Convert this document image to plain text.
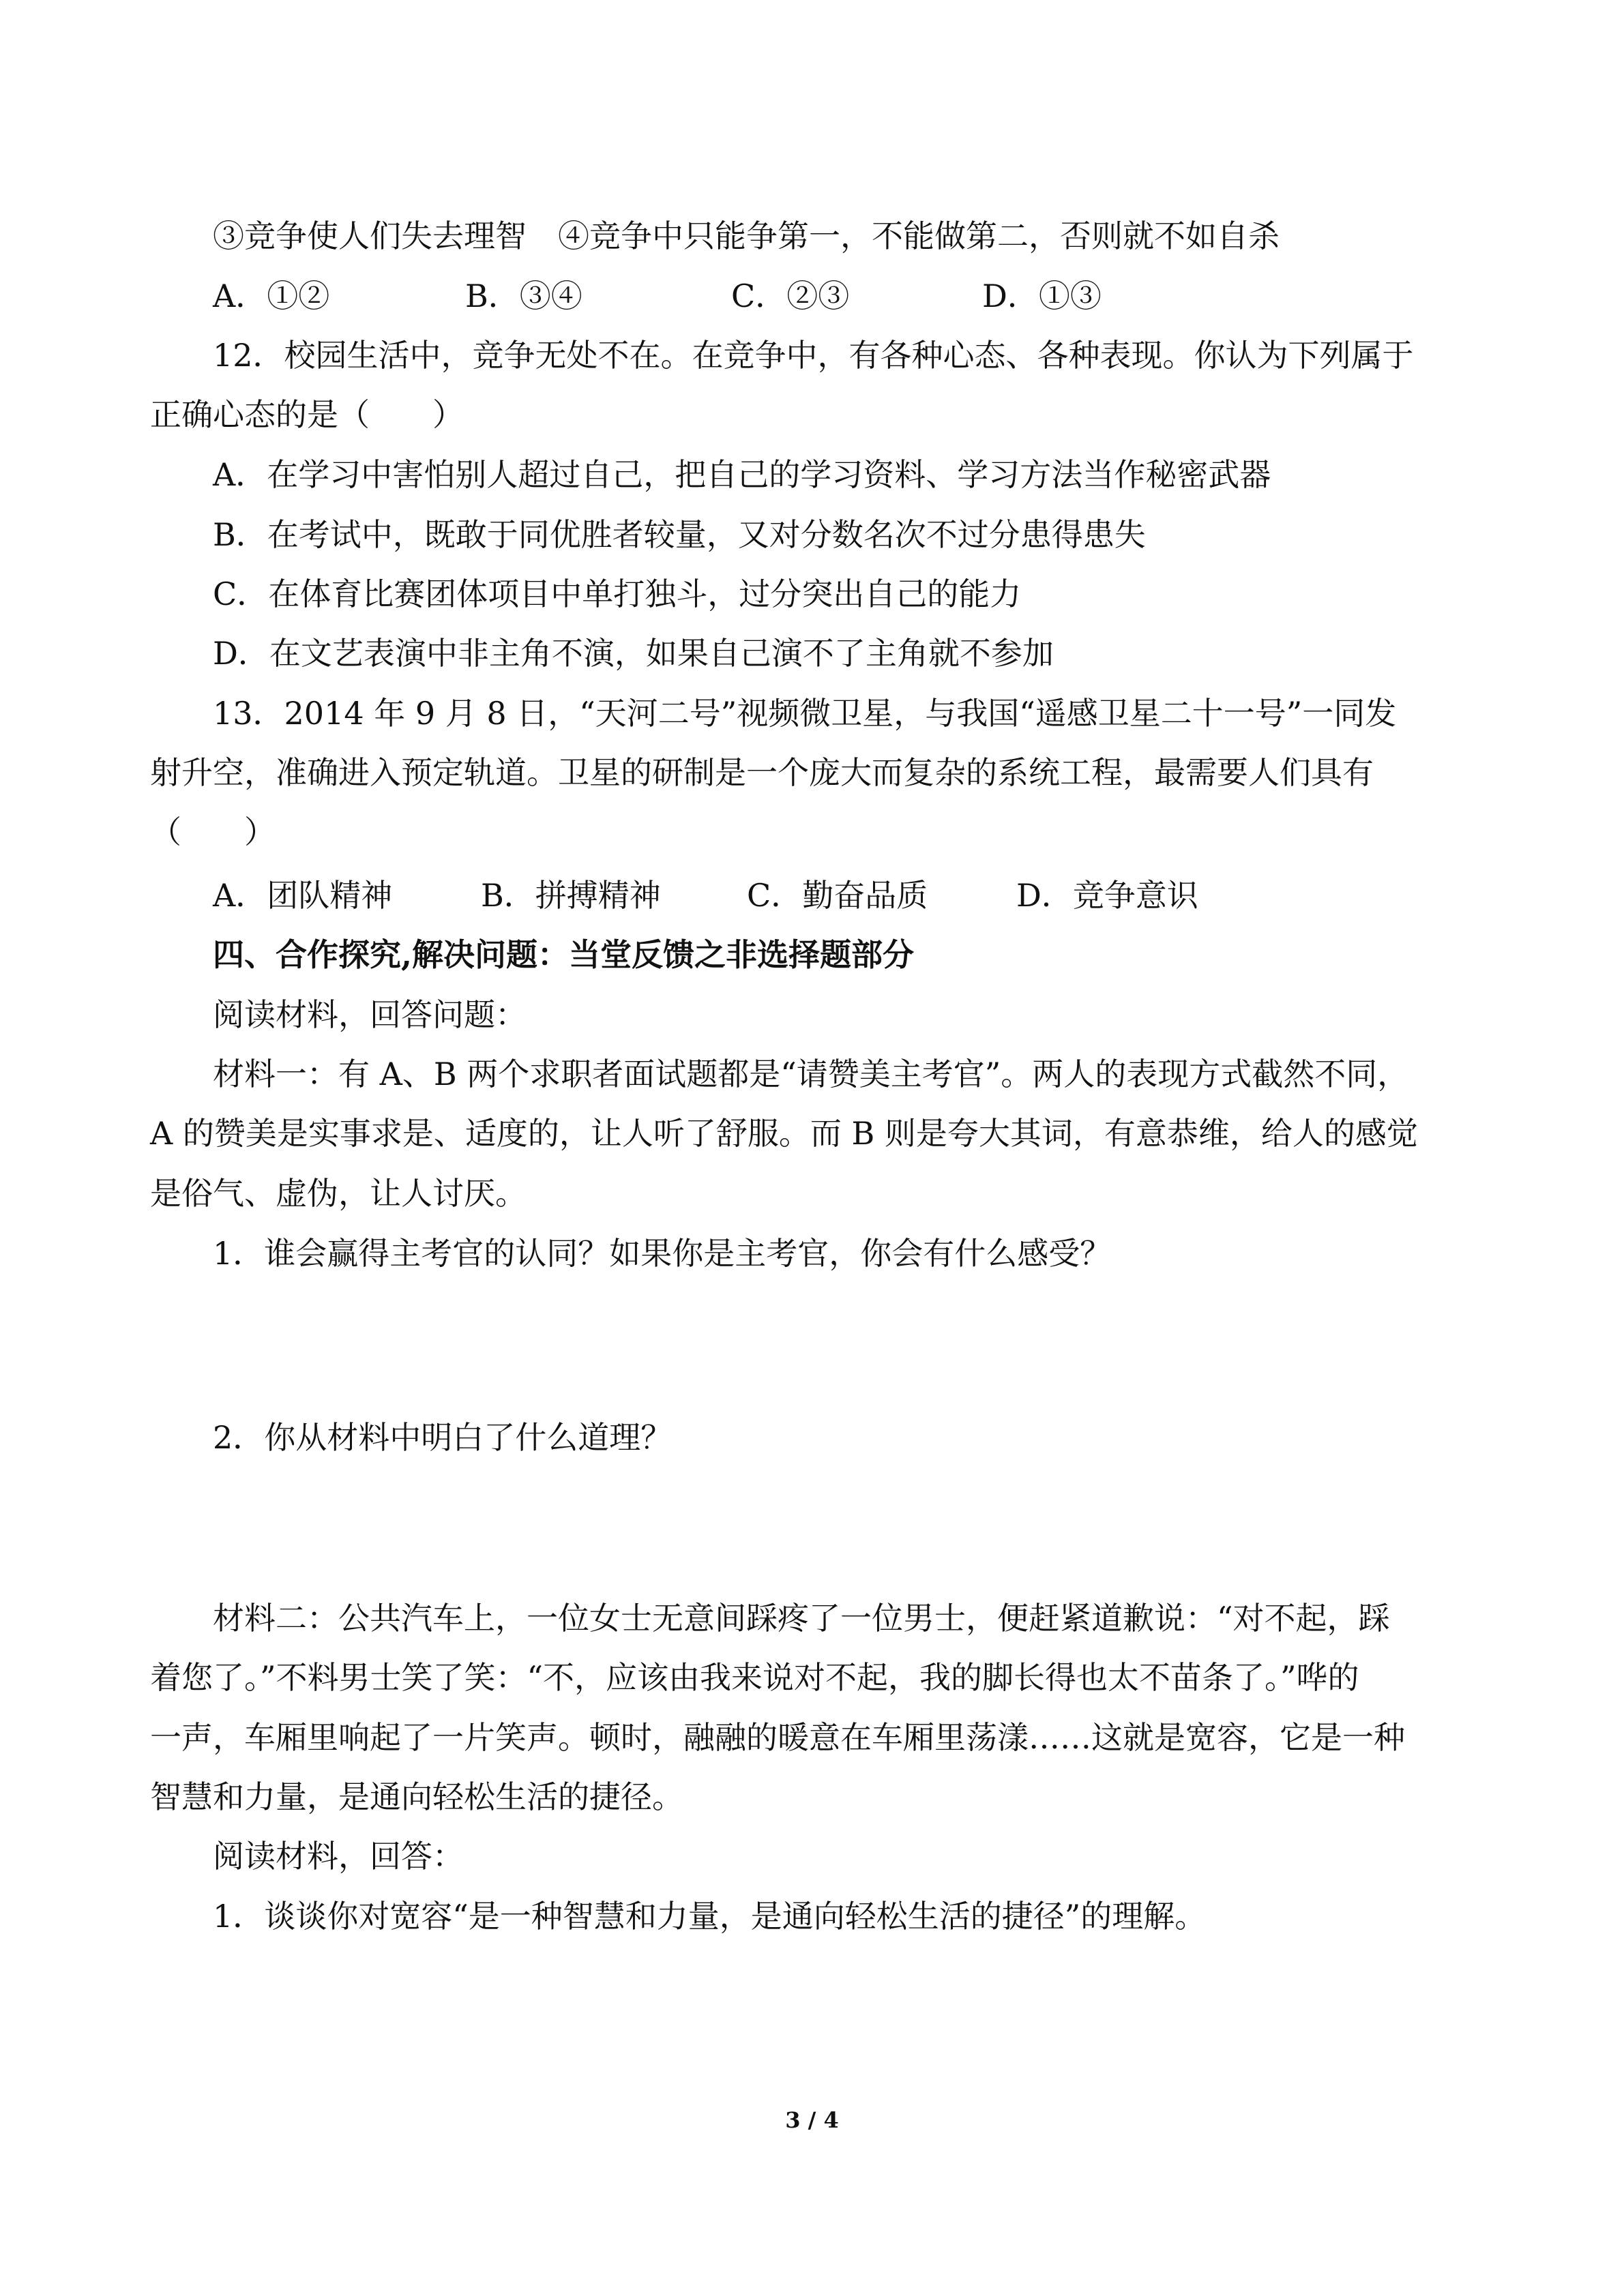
③竞争使人们失去理智　④竞争中只能争第一，不能做第二，否则就不如自杀
A．①②	B．③④	C．②③	D．①③
12．校园生活中，竞争无处不在。在竞争中，有各种心态、各种表现。你认为下列属于
正确心态的是（　　）
A．在学习中害怕别人超过自己，把自己的学习资料、学习方法当作秘密武器
B．在考试中，既敢于同优胜者较量，又对分数名次不过分患得患失
C．在体育比赛团体项目中单打独斗，过分突出自己的能力
D．在文艺表演中非主角不演，如果自己演不了主角就不参加
13．2014 年 9 月 8 日，“天河二号”视频微卫星，与我国“遥感卫星二十一号”一同发
射升空，准确进入预定轨道。卫星的研制是一个庞大而复杂的系统工程，最需要人们具有
（　　）
A．团队精神	B．拼搏精神	C．勤奋品质	D．竞争意识
四、合作探究,解决问题：当堂反馈之非选择题部分
阅读材料，回答问题：
材料一：有 A、B 两个求职者面试题都是“请赞美主考官”。两人的表现方式截然不同，
A 的赞美是实事求是、适度的，让人听了舒服。而 B 则是夸大其词，有意恭维，给人的感觉
是俗气、虚伪，让人讨厌。
1．谁会赢得主考官的认同？如果你是主考官，你会有什么感受？
2．你从材料中明白了什么道理？
材料二：公共汽车上，一位女士无意间踩疼了一位男士，便赶紧道歉说：“对不起，踩
着您了。”不料男士笑了笑：“不，应该由我来说对不起，我的脚长得也太不苗条了。”哗的
一声，车厢里响起了一片笑声。顿时，融融的暖意在车厢里荡漾……这就是宽容，它是一种
智慧和力量，是通向轻松生活的捷径。
阅读材料，回答：
1．谈谈你对宽容“是一种智慧和力量，是通向轻松生活的捷径”的理解。
3 / 4
